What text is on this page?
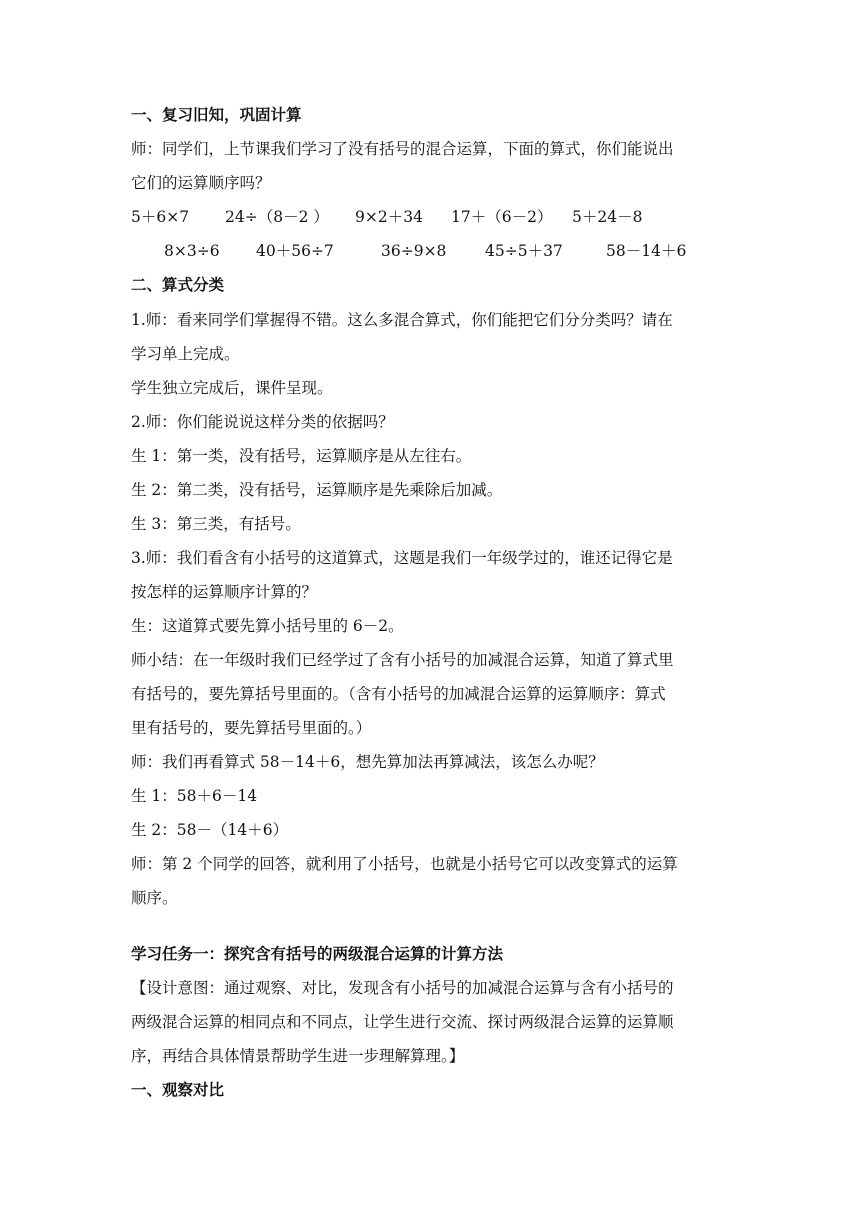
一、复习旧知，巩固计算
师：同学们，上节课我们学习了没有括号的混合运算，下面的算式，你们能说出
它们的运算顺序吗？
5＋6×7 24÷（8－2 ） 9×2＋34 17＋（6－2） 5＋24－8
8×3÷6 40＋56÷7	36÷9×8 45÷5＋37	58－14＋6
二、算式分类
1.师：看来同学们掌握得不错。这么多混合算式，你们能把它们分分类吗？请在
学习单上完成。
学生独立完成后，课件呈现。
2.师：你们能说说这样分类的依据吗？
生 1：第一类，没有括号，运算顺序是从左往右。
生 2：第二类，没有括号，运算顺序是先乘除后加减。
生 3：第三类，有括号。
3.师：我们看含有小括号的这道算式，这题是我们一年级学过的，谁还记得它是
按怎样的运算顺序计算的？
生：这道算式要先算小括号里的 6－2。
师小结：在一年级时我们已经学过了含有小括号的加减混合运算，知道了算式里
有括号的，要先算括号里面的。（含有小括号的加减混合运算的运算顺序：算式
里有括号的，要先算括号里面的。）
师：我们再看算式 58－14＋6，想先算加法再算减法，该怎么办呢？
生 1：58＋6－14
生 2：58－（14＋6）
师：第 2 个同学的回答，就利用了小括号，也就是小括号它可以改变算式的运算
顺序。
学习任务一：探究含有括号的两级混合运算的计算方法
【设计意图：通过观察、对比，发现含有小括号的加减混合运算与含有小括号的
两级混合运算的相同点和不同点，让学生进行交流、探讨两级混合运算的运算顺
序，再结合具体情景帮助学生进一步理解算理。】
一、观察对比
